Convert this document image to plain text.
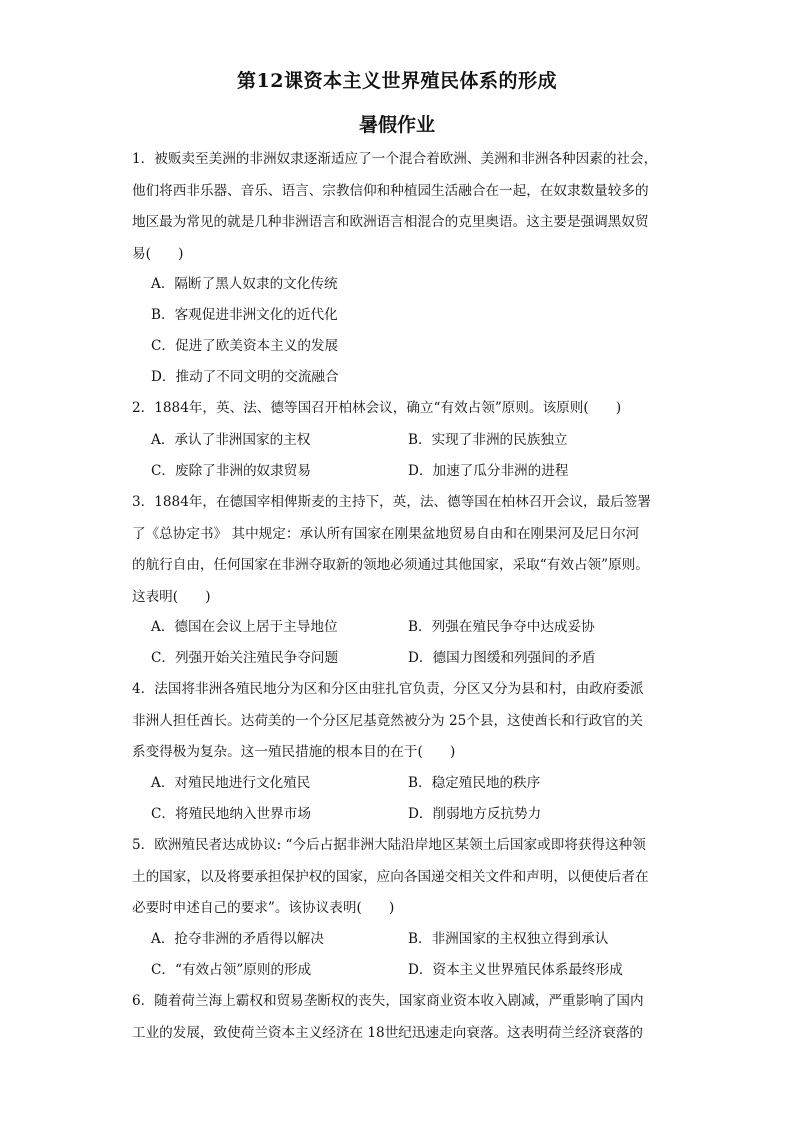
第12课资本主义世界殖民体系的形成
暑假作业
1．被贩卖至美洲的非洲奴隶逐渐适应了一个混合着欧洲、美洲和非洲各种因素的社会，
他们将西非乐器、音乐、语言、宗教信仰和种植园生活融合在一起，在奴隶数量较多的
地区最为常见的就是几种非洲语言和欧洲语言相混合的克里奥语。这主要是强调黑奴贸
易(　　)
A．隔断了黑人奴隶的文化传统
B．客观促进非洲文化的近代化
C．促进了欧美资本主义的发展
D．推动了不同文明的交流融合
2．1884年，英、法、德等国召开柏林会议，确立“有效占领”原则。该原则(　　)
A．承认了非洲国家的主权	B．实现了非洲的民族独立
C．废除了非洲的奴隶贸易	D．加速了瓜分非洲的进程
3．1884年，在德国宰相俾斯麦的主持下，英，法、德等国在柏林召开会议，最后签署
了《总协定书》 其中规定：承认所有国家在刚果盆地贸易自由和在刚果河及尼日尔河
的航行自由，任何国家在非洲夺取新的领地必须通过其他国家，采取“有效占领”原则。
这表明(　　)
A．德国在会议上居于主导地位	B．列强在殖民争夺中达成妥协
C．列强开始关注殖民争夺问题	D．德国力图缓和列强间的矛盾
4．法国将非洲各殖民地分为区和分区由驻扎官负责，分区又分为县和村，由政府委派
非洲人担任酋长。达荷美的一个分区尼基竟然被分为 25个县，这使酋长和行政官的关
系变得极为复杂。这一殖民措施的根本目的在于(　　)
A．对殖民地进行文化殖民	B．稳定殖民地的秩序
C．将殖民地纳入世界市场	D．削弱地方反抗势力
5．欧洲殖民者达成协议: “今后占据非洲大陆沿岸地区某领土后国家或即将获得这种领
土的国家，以及将要承担保护权的国家，应向各国递交相关文件和声明，以便使后者在
必要时申述自己的要求”。该协议表明(　　)
A．抢夺非洲的矛盾得以解决	B．非洲国家的主权独立得到承认
C．“有效占领”原则的形成	D．资本主义世界殖民体系最终形成
6．随着荷兰海上霸权和贸易垄断权的丧失，国家商业资本收入剧减，严重影响了国内
工业的发展，致使荷兰资本主义经济在 18世纪迅速走向衰落。这表明荷兰经济衰落的
